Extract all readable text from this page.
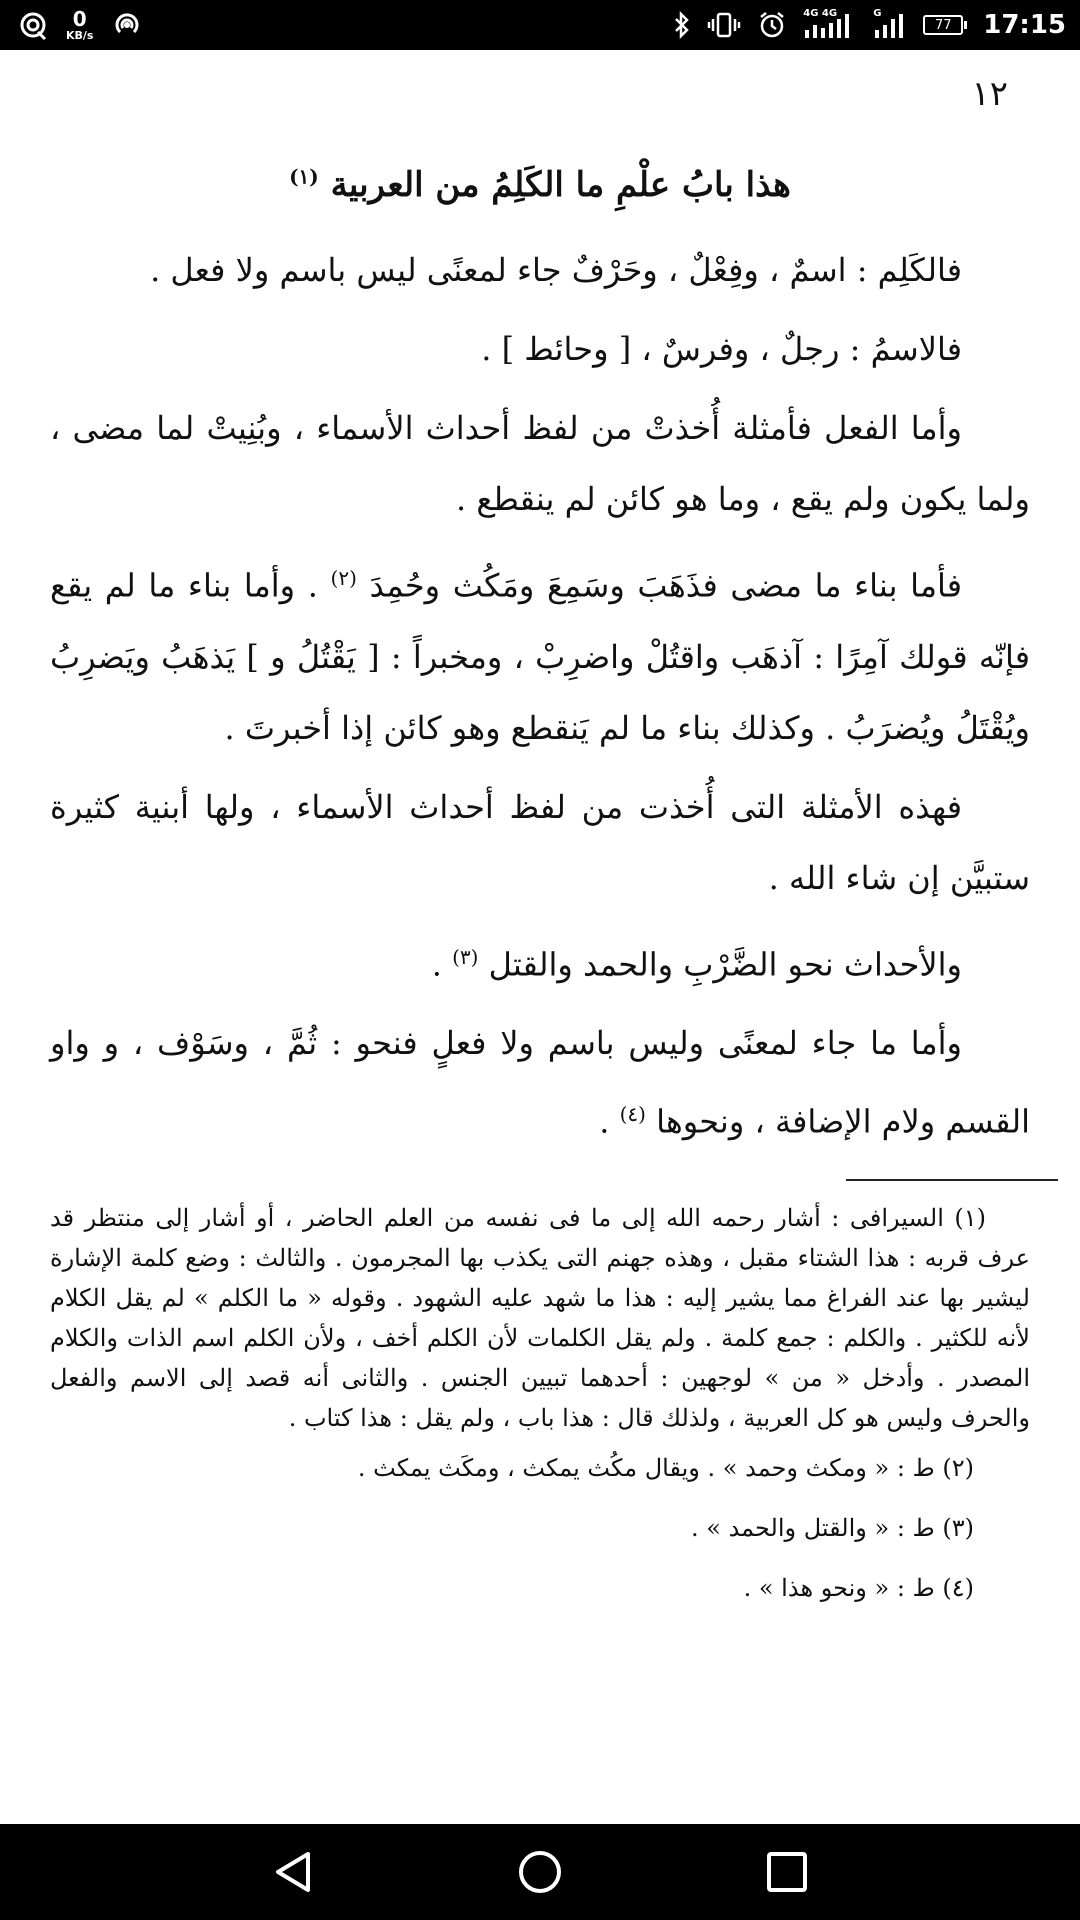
0
KB/s
4G 4G	G
77	17:15
١٢

هذا بابُ علْمِ ما الكَلِمُ من العربية $^{(١)}$

فالكَلِم : اسمٌ ، وفِعْلٌ ، وحَرْفٌ جاء لمعنًى ليس باسم ولا فعل .

فالاسمُ : رجلٌ ، وفرسٌ ، [ وحائط ] .

وأما الفعل فأمثلة أُخذتْ من لفظ أحداث الأسماء ، وبُنِيتْ لما مضى ، ولما يكون ولم يقع ، وما هو كائن لم ينقطع .

فأما بناء ما مضى فذَهَبَ وسَمِعَ ومَكُث وحُمِدَ $^{(٢)}$ . وأما بناء ما لم يقع فإنّه قولك آمِرًا : آذهَب واقتُلْ واضرِبْ ، ومخبراً : [ يَقْتُلُ و ] يَذهَبُ ويَضرِبُ ويُقْتَلُ ويُضرَبُ . وكذلك بناء ما لم يَنقطع وهو كائن إذا أخبرتَ .

فهذه الأمثلة التى أُخذت من لفظ أحداث الأسماء ، ولها أبنية كثيرة ستبيَّن إن شاء الله .

والأحداث نحو الضَّرْبِ والحمد والقتل $^{(٣)}$ .

وأما ما جاء لمعنًى وليس باسم ولا فعلٍ فنحو : ثُمَّ ، وسَوْف ، و واو القسم ولام الإضافة ، ونحوها $^{(٤)}$ .

(١) السيرافى : أشار رحمه الله إلى ما فى نفسه من العلم الحاضر ، أو أشار إلى منتظر قد عرف قربه : هذا الشتاء مقبل ، وهذه جهنم التى يكذب بها المجرمون . والثالث : وضع كلمة الإشارة ليشير بها عند الفراغ مما يشير إليه : هذا ما شهد عليه الشهود . وقوله « ما الكلم » لم يقل الكلام لأنه للكثير . والكلم : جمع كلمة . ولم يقل الكلمات لأن الكلم أخف ، ولأن الكلم اسم الذات والكلام المصدر . وأدخل « من » لوجهين : أحدهما تبيين الجنس . والثانى أنه قصد إلى الاسم والفعل والحرف وليس هو كل العربية ، ولذلك قال : هذا باب ، ولم يقل : هذا كتاب .

(٢) ط : « ومكث وحمد » . ويقال مكُث يمكث ، ومكَث يمكث .

(٣) ط : « والقتل والحمد » .

(٤) ط : « ونحو هذا » .
